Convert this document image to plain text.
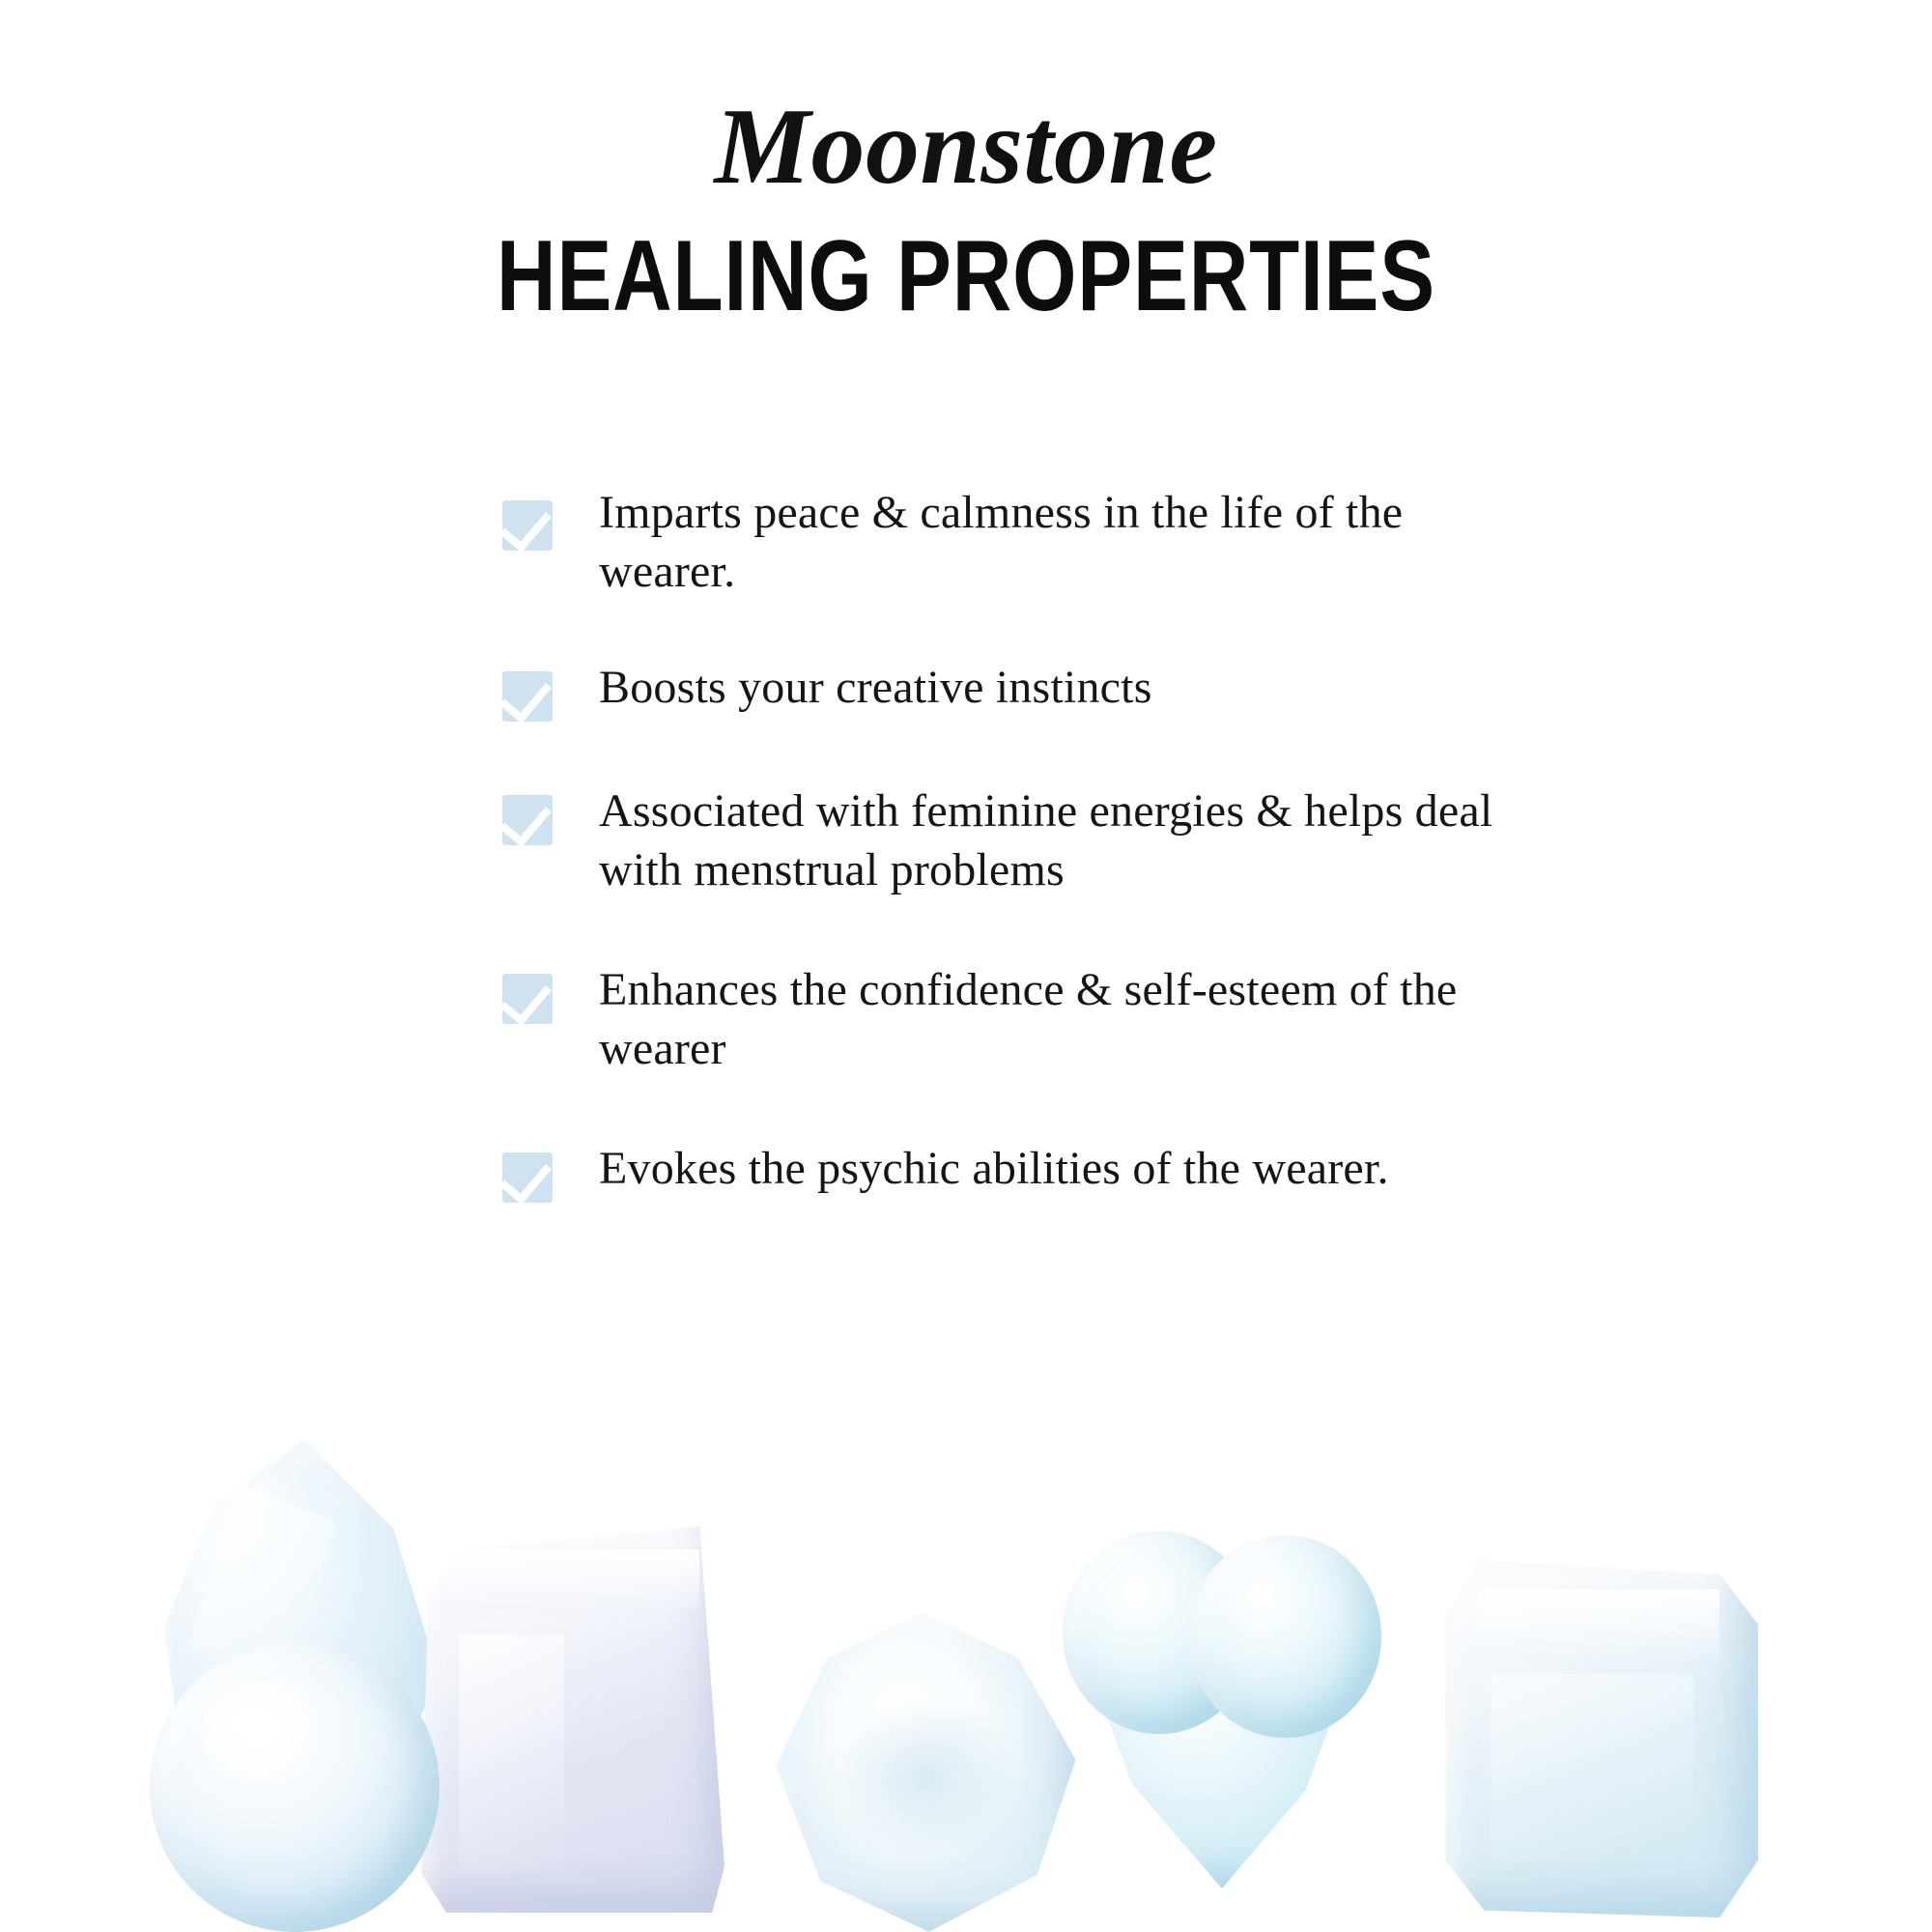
Moonstone
HEALING PROPERTIES
Imparts peace & calmness in the life of the wearer.
Boosts your creative instincts
Associated with feminine energies & helps deal with menstrual problems
Enhances the confidence & self-esteem of the wearer
Evokes the psychic abilities of the wearer.
